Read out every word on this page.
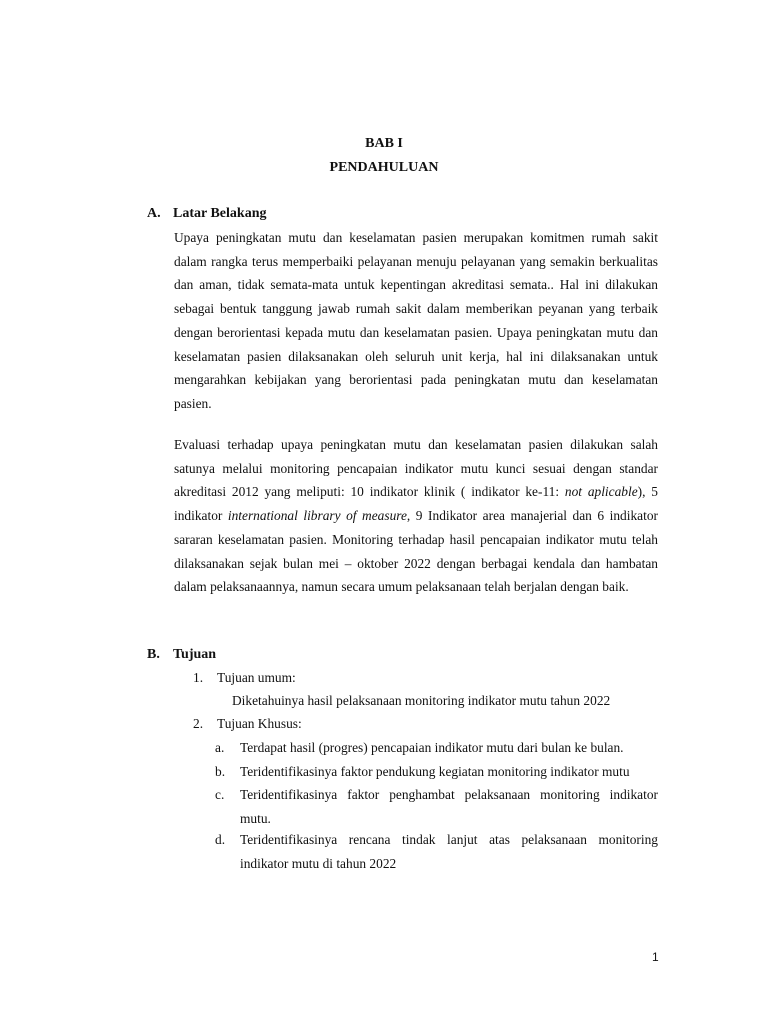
BAB I
PENDAHULUAN
A. Latar Belakang

Upaya peningkatan mutu dan keselamatan pasien merupakan komitmen rumah sakit dalam rangka terus memperbaiki pelayanan menuju pelayanan yang semakin berkualitas dan aman, tidak semata-mata untuk kepentingan akreditasi semata.. Hal ini dilakukan sebagai bentuk tanggung jawab rumah sakit dalam memberikan peyanan yang terbaik dengan berorientasi kepada mutu dan keselamatan pasien. Upaya peningkatan mutu dan keselamatan pasien dilaksanakan oleh seluruh unit kerja, hal ini dilaksanakan untuk mengarahkan kebijakan yang berorientasi pada peningkatan mutu dan keselamatan pasien.

Evaluasi terhadap upaya peningkatan mutu dan keselamatan pasien dilakukan salah satunya melalui monitoring pencapaian indikator mutu kunci sesuai dengan standar akreditasi 2012 yang meliputi: 10 indikator klinik ( indikator ke-11: not aplicable), 5 indikator international library of measure, 9 Indikator area manajerial dan 6 indikator sararan keselamatan pasien. Monitoring terhadap hasil pencapaian indikator mutu telah dilaksanakan sejak bulan mei – oktober 2022 dengan berbagai kendala dan hambatan dalam pelaksanaannya, namun secara umum pelaksanaan telah berjalan dengan baik.

B. Tujuan
1. Tujuan umum:
Diketahuinya hasil pelaksanaan monitoring indikator mutu tahun 2022
2. Tujuan Khusus:
a. Terdapat hasil (progres) pencapaian indikator mutu dari bulan ke bulan.
b. Teridentifikasinya faktor pendukung kegiatan monitoring indikator mutu
c. Teridentifikasinya faktor penghambat pelaksanaan monitoring indikator mutu.
d. Teridentifikasinya rencana tindak lanjut atas pelaksanaan monitoring indikator mutu di tahun 2022
1
